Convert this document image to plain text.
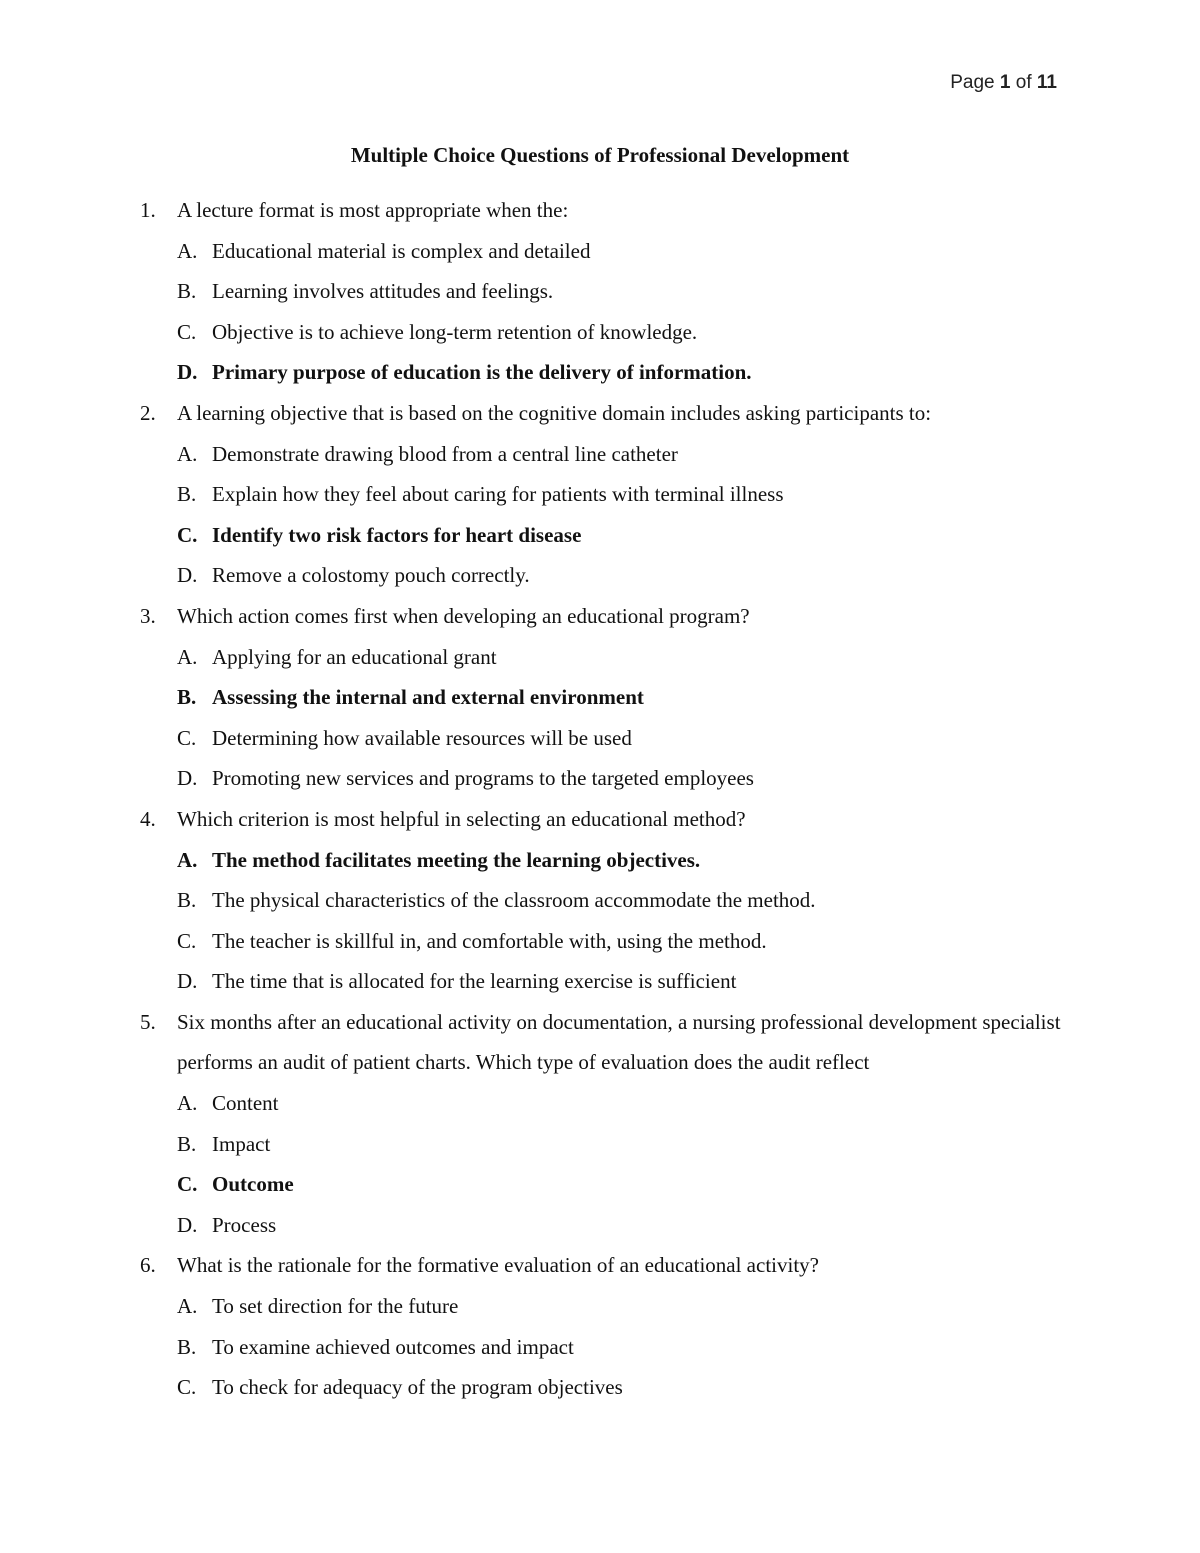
Page 1 of 11
Multiple Choice Questions of Professional Development
1.	A lecture format is most appropriate when the:
A. Educational material is complex and detailed
B. Learning involves attitudes and feelings.
C. Objective is to achieve long-term retention of knowledge.
D. Primary purpose of education is the delivery of information.
2.	A learning objective that is based on the cognitive domain includes asking participants to:
A. Demonstrate drawing blood from a central line catheter
B. Explain how they feel about caring for patients with terminal illness
C. Identify two risk factors for heart disease
D. Remove a colostomy pouch correctly.
3.	Which action comes first when developing an educational program?
A. Applying for an educational grant
B. Assessing the internal and external environment
C. Determining how available resources will be used
D. Promoting new services and programs to the targeted employees
4.	Which criterion is most helpful in selecting an educational method?
A. The method facilitates meeting the learning objectives.
B. The physical characteristics of the classroom accommodate the method.
C. The teacher is skillful in, and comfortable with, using the method.
D. The time that is allocated for the learning exercise is sufficient
5.	Six months after an educational activity on documentation, a nursing professional development specialist performs an audit of patient charts. Which type of evaluation does the audit reflect
A. Content
B. Impact
C. Outcome
D. Process
6.	What is the rationale for the formative evaluation of an educational activity?
A. To set direction for the future
B. To examine achieved outcomes and impact
C. To check for adequacy of the program objectives
